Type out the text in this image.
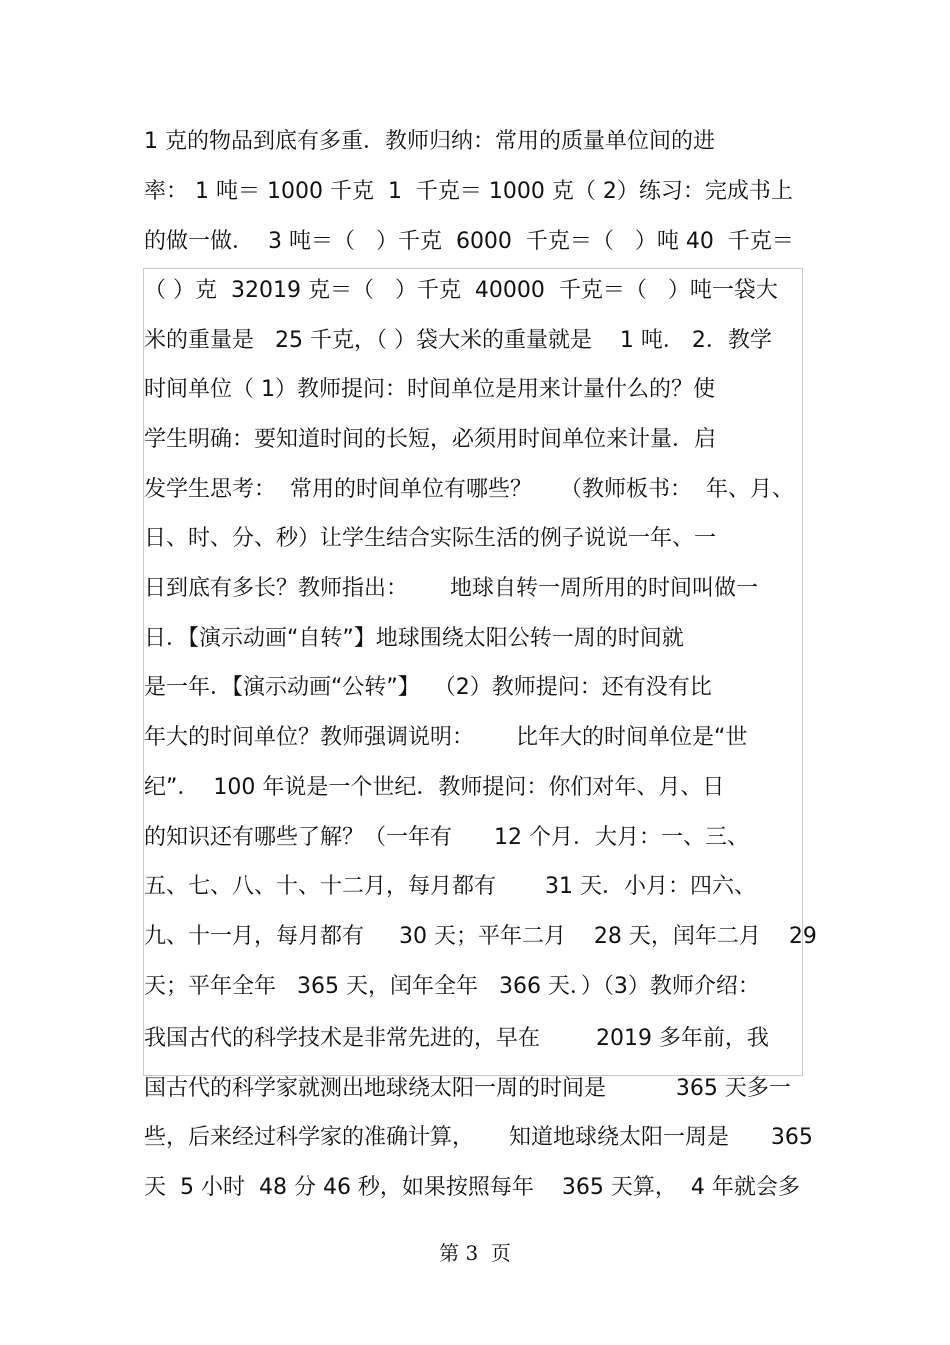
1 克的物品到底有多重．教师归纳：常用的质量单位间的进
率： 1 吨＝ 1000 千克  1  千克＝ 1000 克（ 2）练习：完成书上
的做一做．  3 吨＝（   ）千克  6000  千克＝（   ）吨 40  千克＝
（ ）克  32019 克＝（   ）千克  40000  千克＝（   ）吨一袋大
米的重量是   25 千克，（ ）袋大米的重量就是    1 吨． 2．教学
时间单位（ 1）教师提问：时间单位是用来计量什么的？使
学生明确：要知道时间的长短，必须用时间单位来计量．启
发学生思考：  常用的时间单位有哪些？    （教师板书：  年、月、
日、时、分、秒）让学生结合实际生活的例子说说一年、一
日到底有多长？教师指出：      地球自转一周所用的时间叫做一
日．【演示动画“自转”】地球围绕太阳公转一周的时间就
是一年．【演示动画“公转”】  （2）教师提问：还有没有比
年大的时间单位？教师强调说明：      比年大的时间单位是“世
纪”．  100 年说是一个世纪．教师提问：你们对年、月、日
的知识还有哪些了解？（一年有      12 个月．大月：一、三、
五、七、八、十、十二月，每月都有       31 天．小月：四六、
九、十一月，每月都有     30 天；平年二月    28 天，闰年二月    29
天；平年全年   365 天，闰年全年   366 天．）（3）教师介绍：
我国古代的科学技术是非常先进的，早在        2019 多年前，我
国古代的科学家就测出地球绕太阳一周的时间是          365 天多一
些，后来经过科学家的准确计算，     知道地球绕太阳一周是      365
天  5 小时  48 分 46 秒，如果按照每年    365 天算，  4 年就会多
第 3  页
